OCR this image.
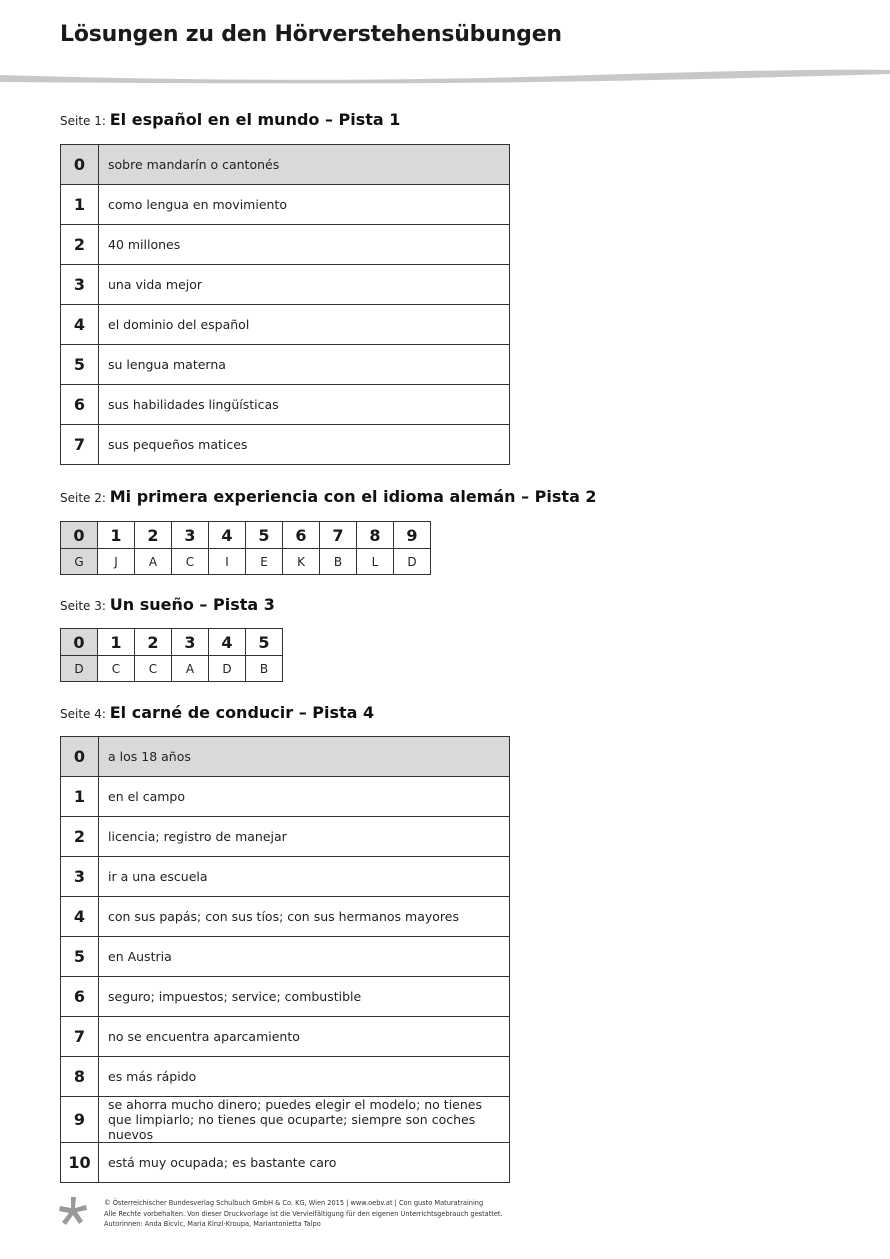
Lösungen zu den Hörverstehensübungen
Seite 1: El español en el mundo – Pista 1
0	sobre mandarín o cantonés
1	como lengua en movimiento
2	40 millones
3	una vida mejor
4	el dominio del español
5	su lengua materna
6	sus habilidades lingüísticas
7	sus pequeños matices
Seite 2: Mi primera experiencia con el idioma alemán – Pista 2
0	1	2	3	4	5	6	7	8	9
G	J	A	C	I	E	K	B	L	D
Seite 3: Un sueño – Pista 3
0	1	2	3	4	5
D	C	C	A	D	B
Seite 4: El carné de conducir – Pista 4
0	a los 18 años
1	en el campo
2	licencia; registro de manejar
3	ir a una escuela
4	con sus papás; con sus tíos; con sus hermanos mayores
5	en Austria
6	seguro; impuestos; service; combustible
7	no se encuentra aparcamiento
8	es más rápido
9	se ahorra mucho dinero; puedes elegir el modelo; no tienes que limpiarlo; no tienes que ocuparte; siempre son coches nuevos
10	está muy ocupada; es bastante caro
© Österreichischer Bundesverlag Schulbuch GmbH & Co. KG, Wien 2015 | www.oebv.at | Con gusto Maturatraining
Alle Rechte vorbehalten. Von dieser Druckvorlage ist die Vervielfältigung für den eigenen Unterrichtsgebrauch gestattet.
Autorinnen: Anda Bicvic, Maria Kinzl-Kroupa, Mariantonietta Talpo
